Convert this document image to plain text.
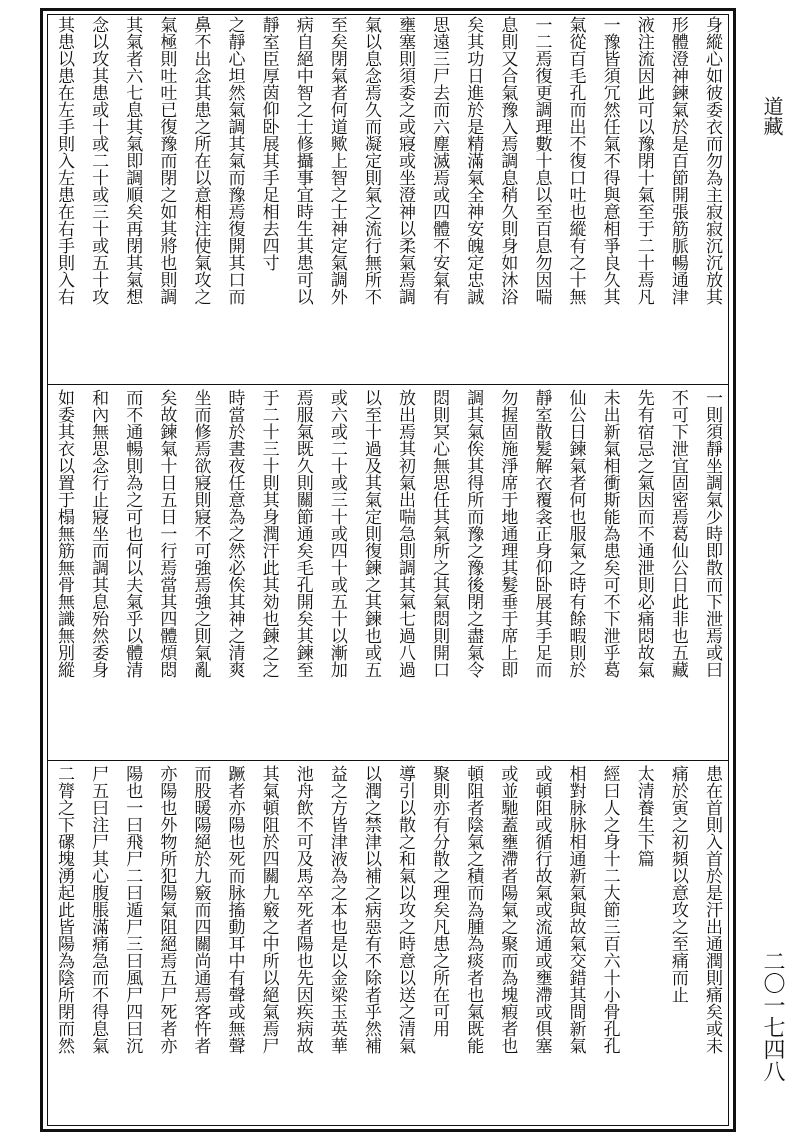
身縱心如彼委衣而勿為主寂寂沉沉放其
形體澄神鍊氣於是百節開張筋脈暢通津
液注流因此可以豫閉十氣至于二十焉凡
一豫皆須冗然任氣不得與意相爭良久其
氣從百毛孔而出不復口吐也縱有之十無
一二焉復更調理數十息以至百息勿因喘
息則又合氣豫入焉調息稍久則身如沐浴
矣其功日進於是精滿氣全神安魄定忠誠
思遠三尸去而六塵滅焉或四體不安氣有
壅塞則須委之或寢或坐澄神以柔氣焉調
氣以息念焉久而凝定則氣之流行無所不
至矣閉氣者何道歟上智之士神定氣調外
病自絕中智之士修攝事宜時生其患可以
靜室臣厚茵仰卧展其手足相去四寸
之靜心坦然氣調其氣而豫焉復開其口而
鼻不出念其患之所在以意相注使氣攻之
氣極則吐吐已復豫而閉之如其將也則調
其氣者六七息其氣即調順矣再閉其氣想
念以攻其患或十或二十或三十或五十攻
其患以患在左手則入左患在右手則入右
一則須靜坐調氣少時即散而下泄焉或曰
不可下泄宜固密焉葛仙公日此非也五藏
先有宿忌之氣因而不通泄則必痛悶故氣
未出新氣相衝斯能為患矣可不下泄乎葛
仙公日鍊氣者何也服氣之時有餘暇則於
靜室散髮解衣覆衾正身仰卧展其手足而
勿握固施淨席于地通理其髮垂于席上即
調其氣俟其得所而豫之豫後閉之盡氣令
悶則冥心無思任其氣所之其氣悶則開口
放出焉其初氣出喘急則調其氣七過八過
以至十過及其氣定則復鍊之其鍊也或五
或六或二十或三十或四十或五十以漸加
焉服氣既久則關節通矣毛孔開矣其鍊至
于二十三十則其身潤汗此其効也鍊之之
時當於晝夜任意為之然必俟其神之清爽
坐而修焉欲寢則寢不可強焉強之則氣亂
矣故鍊氣十日五日一行焉當其四體煩悶
而不通暢則為之可也何以夫氣乎以體清
和內無思念行止寢坐而調其息殆然委身
如委其衣以置于榻無筋無骨無識無別縱
患在首則入首於是汗出通潤則痛矣或未
痛於寅之初頻以意攻之至痛而止
太清養生下篇
經曰人之身十二大節三百六十小骨孔孔
相對脉脉相通新氣與故氣交錯其間新氣
或頓阻或循行故氣或流通或壅滯或俱塞
或並馳蓋壅滯者陽氣之聚而為塊瘕者也
頓阻者陰氣之積而為腫為痰者也氣既能
聚則亦有分散之理矣凡患之所在可用
導引以散之和氣以攻之時意以送之清氣
以潤之禁津以補之病惡有不除者乎然補
益之方皆津液為之本也是以金梁玉英華
池舟飲不可及馬卒死者陽也先因疾病故
其氣頓阻於四關九竅之中所以絕氣焉尸
蹶者亦陽也死而脉搐動耳中有聲或無聲
而股暖陽絕於九竅而四關尚通焉客忤者
亦陽也外物所犯陽氣阻絕焉五尸死者亦
陽也一曰飛尸二曰遁尸三曰風尸四曰沉
尸五曰注尸其心腹脹滿痛急而不得息氣
二膂之下磥塊湧起此皆陽為陰所閉而然
道藏
二〇一七四八
